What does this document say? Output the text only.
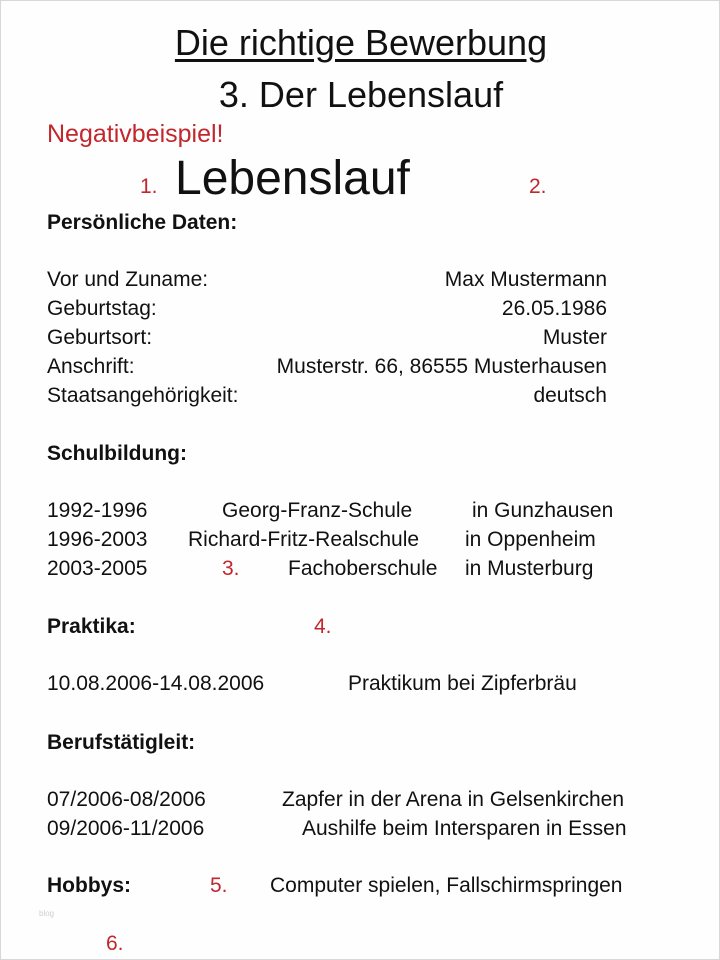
Die richtige Bewerbung
3. Der Lebenslauf
Negativbeispiel!
1. Lebenslauf	2.
Persönliche Daten:
Vor und Zuname:	Max Mustermann
Geburtstag:	26.05.1986
Geburtsort:	Muster
Anschrift:	Musterstr. 66, 86555 Musterhausen
Staatsangehörigkeit:	deutsch
Schulbildung:
1992-1996	Georg-Franz-Schule	in Gunzhausen
1996-2003 Richard-Fritz-Realschule in Oppenheim
2003-2005	3. Fachoberschule in Musterburg
Praktika:	4.
10.08.2006-14.08.2006	Praktikum bei Zipferbräu
Berufstätigleit:
07/2006-08/2006	Zapfer in der Arena in Gelsenkirchen
09/2006-11/2006	Aushilfe beim Intersparen in Essen
Hobbys:	5. Computer spielen, Fallschirmspringen
blog
6.
